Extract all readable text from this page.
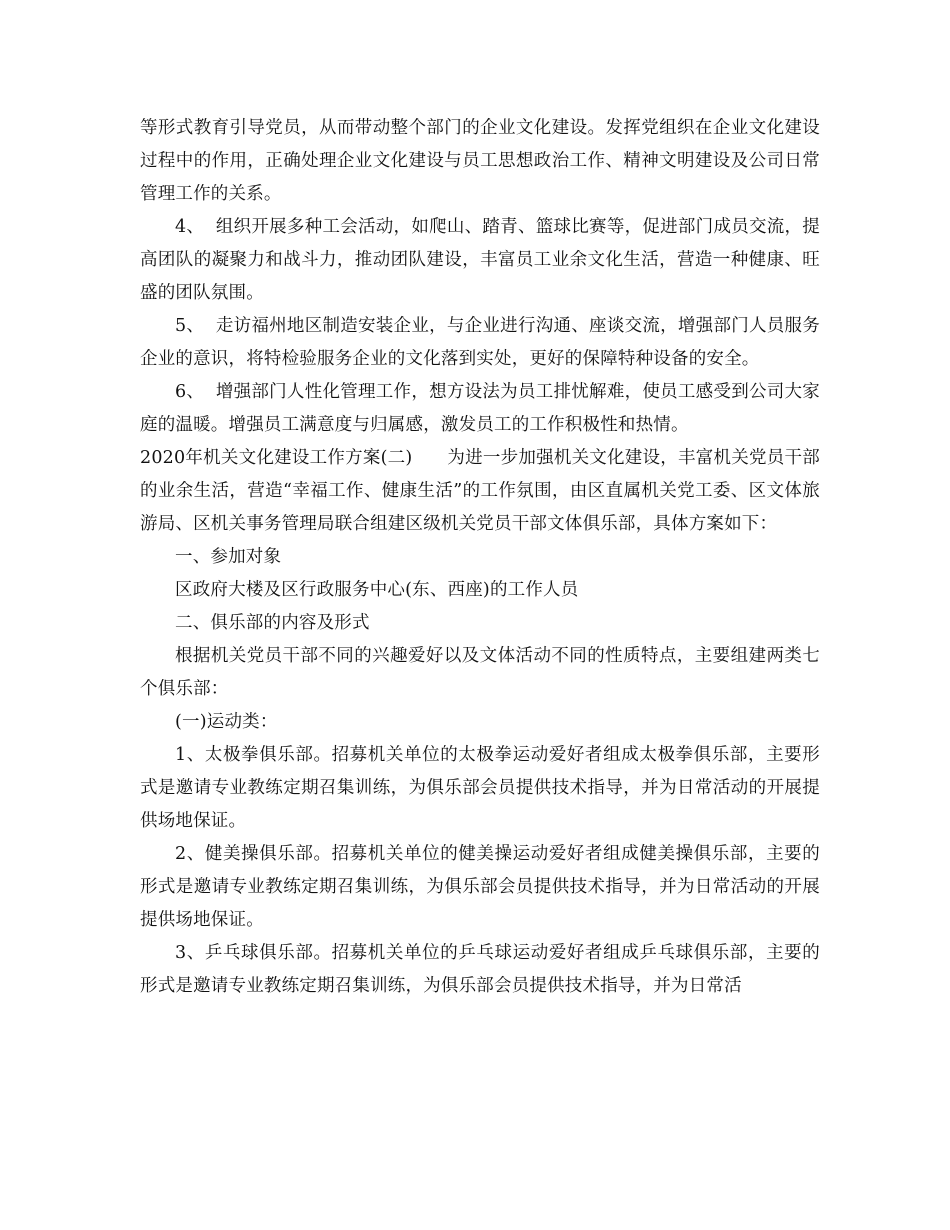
等形式教育引导党员，从而带动整个部门的企业文化建设。发挥党组织在企业文化建设过程中的作用，正确处理企业文化建设与员工思想政治工作、精神文明建设及公司日常管理工作的关系。

4、  组织开展多种工会活动，如爬山、踏青、篮球比赛等，促进部门成员交流，提高团队的凝聚力和战斗力，推动团队建设，丰富员工业余文化生活，营造一种健康、旺盛的团队氛围。

5、  走访福州地区制造安装企业，与企业进行沟通、座谈交流，增强部门人员服务企业的意识，将特检验服务企业的文化落到实处，更好的保障特种设备的安全。

6、  增强部门人性化管理工作，想方设法为员工排忧解难，使员工感受到公司大家庭的温暖。增强员工满意度与归属感，激发员工的工作积极性和热情。

2020年机关文化建设工作方案(二)      为进一步加强机关文化建设，丰富机关党员干部的业余生活，营造“幸福工作、健康生活”的工作氛围，由区直属机关党工委、区文体旅游局、区机关事务管理局联合组建区级机关党员干部文体俱乐部，具体方案如下：

一、参加对象

区政府大楼及区行政服务中心(东、西座)的工作人员

二、俱乐部的内容及形式

根据机关党员干部不同的兴趣爱好以及文体活动不同的性质特点，主要组建两类七个俱乐部：

(一)运动类：

1、太极拳俱乐部。招募机关单位的太极拳运动爱好者组成太极拳俱乐部，主要形式是邀请专业教练定期召集训练，为俱乐部会员提供技术指导，并为日常活动的开展提供场地保证。

2、健美操俱乐部。招募机关单位的健美操运动爱好者组成健美操俱乐部，主要的形式是邀请专业教练定期召集训练，为俱乐部会员提供技术指导，并为日常活动的开展提供场地保证。

3、乒乓球俱乐部。招募机关单位的乒乓球运动爱好者组成乒乓球俱乐部，主要的形式是邀请专业教练定期召集训练，为俱乐部会员提供技术指导，并为日常活
